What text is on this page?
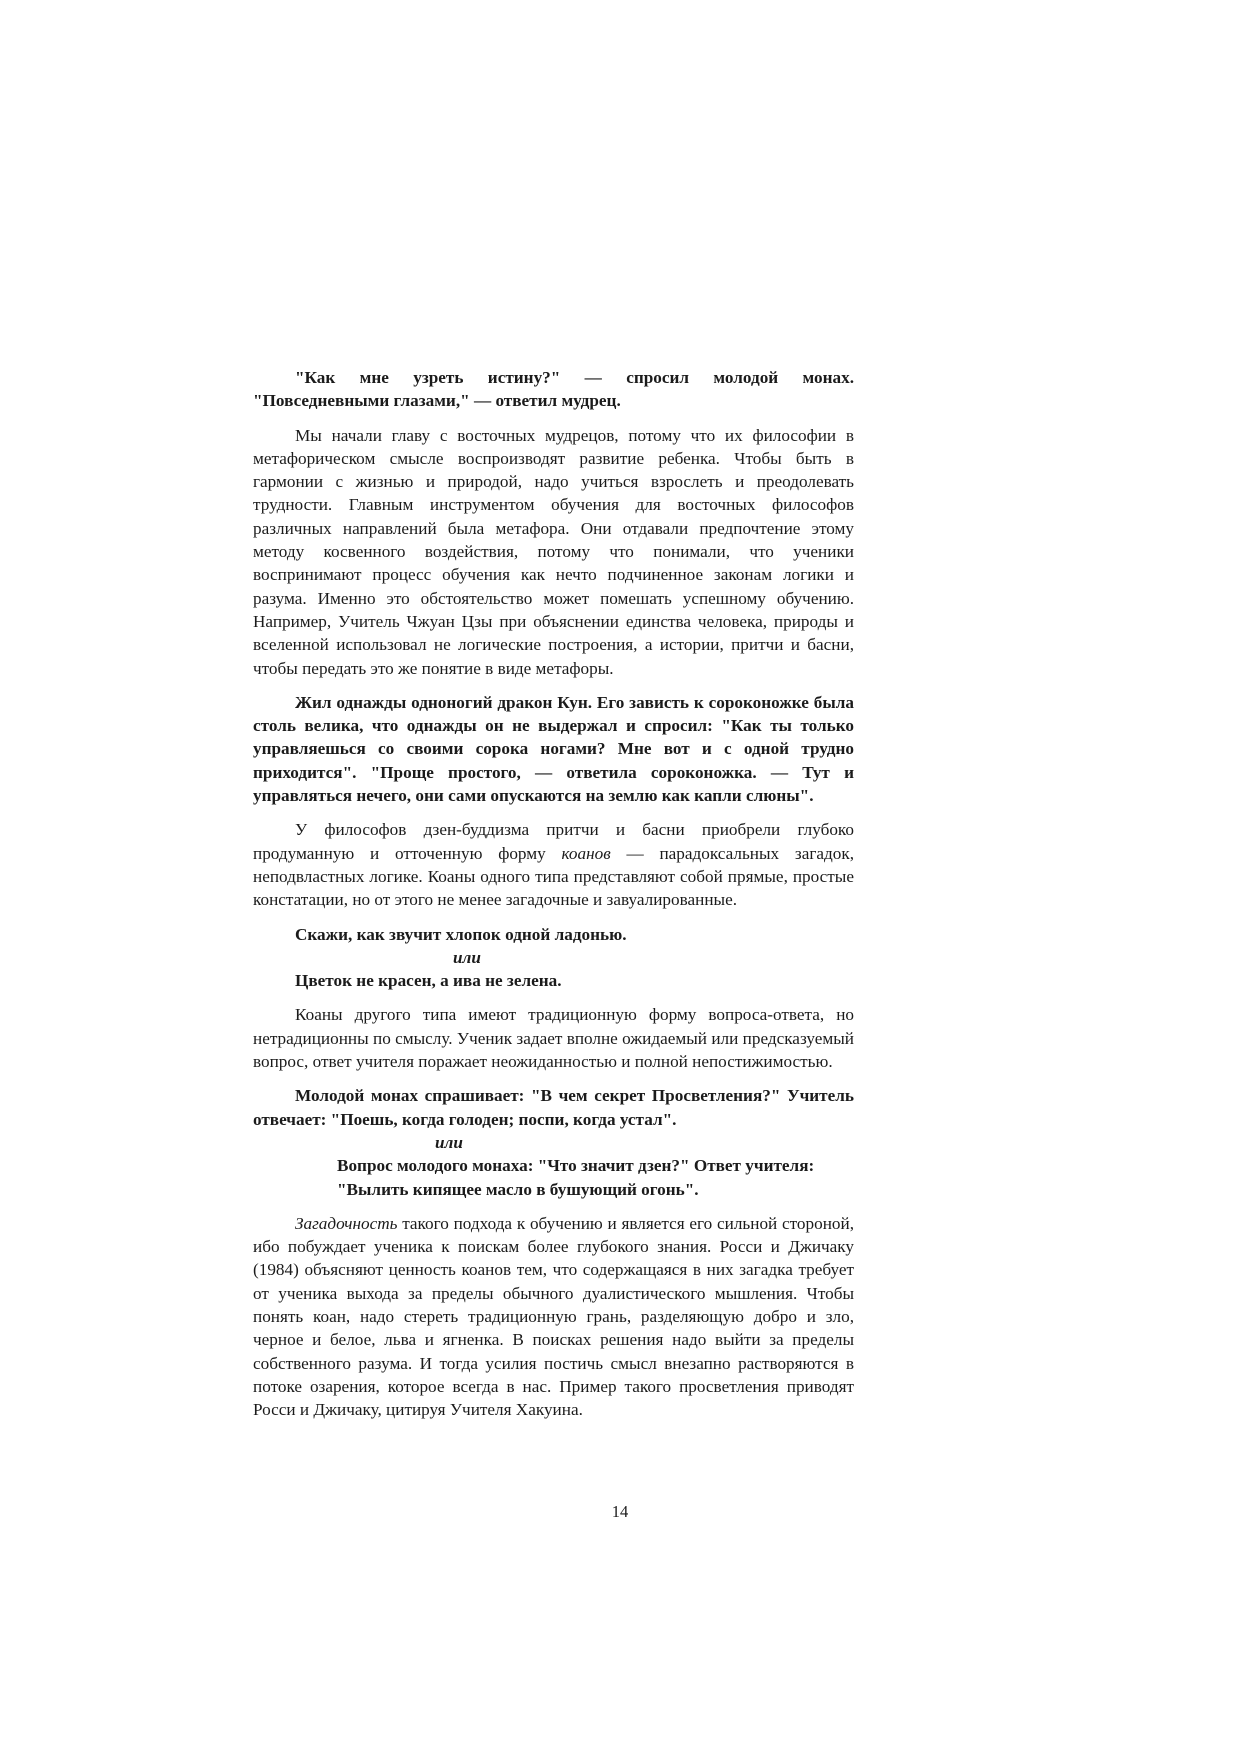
"Как мне узреть истину?" — спросил молодой монах. "Повседневными глазами," — ответил мудрец.

Мы начали главу с восточных мудрецов, потому что их философии в метафорическом смысле воспроизводят развитие ребенка. Чтобы быть в гармонии с жизнью и природой, надо учиться взрослеть и преодолевать трудности. Главным инструментом обучения для восточных философов различных направлений была метафора. Они отдавали предпочтение этому методу косвенного воздействия, потому что понимали, что ученики воспринимают процесс обучения как нечто подчиненное законам логики и разума. Именно это обстоятельство может помешать успешному обучению. Например, Учитель Чжуан Цзы при объяснении единства человека, природы и вселенной использовал не логические построения, а истории, притчи и басни, чтобы передать это же понятие в виде метафоры.

Жил однажды одноногий дракон Кун. Его зависть к сороконожке была столь велика, что однажды он не выдержал и спросил: "Как ты только управляешься со своими сорока ногами? Мне вот и с одной трудно приходится". "Проще простого, — ответила сороконожка. — Тут и управляться нечего, они сами опускаются на землю как капли слюны".

У философов дзен-буддизма притчи и басни приобрели глубоко продуманную и отточенную форму коанов — парадоксальных загадок, неподвластных логике. Коаны одного типа представляют собой прямые, простые констатации, но от этого не менее загадочные и завуалированные.

Скажи, как звучит хлопок одной ладонью.

или

Цветок не красен, а ива не зелена.

Коаны другого типа имеют традиционную форму вопроса-ответа, но нетрадиционны по смыслу. Ученик задает вполне ожидаемый или предсказуемый вопрос, ответ учителя поражает неожиданностью и полной непостижимостью.

Молодой монах спрашивает: "В чем секрет Просветления?" Учитель отвечает: "Поешь, когда голоден; поспи, когда устал".

или

Вопрос молодого монаха: "Что значит дзен?" Ответ учителя:

"Вылить кипящее масло в бушующий огонь".

Загадочность такого подхода к обучению и является его сильной стороной, ибо побуждает ученика к поискам более глубокого знания. Росси и Джичаку (1984) объясняют ценность коанов тем, что содержащаяся в них загадка требует от ученика выхода за пределы обычного дуалистического мышления. Чтобы понять коан, надо стереть традиционную грань, разделяющую добро и зло, черное и белое, льва и ягненка. В поисках решения надо выйти за пределы собственного разума. И тогда усилия постичь смысл внезапно растворяются в потоке озарения, которое всегда в нас. Пример такого просветления приводят Росси и Джичаку, цитируя Учителя Хакуина.

14
